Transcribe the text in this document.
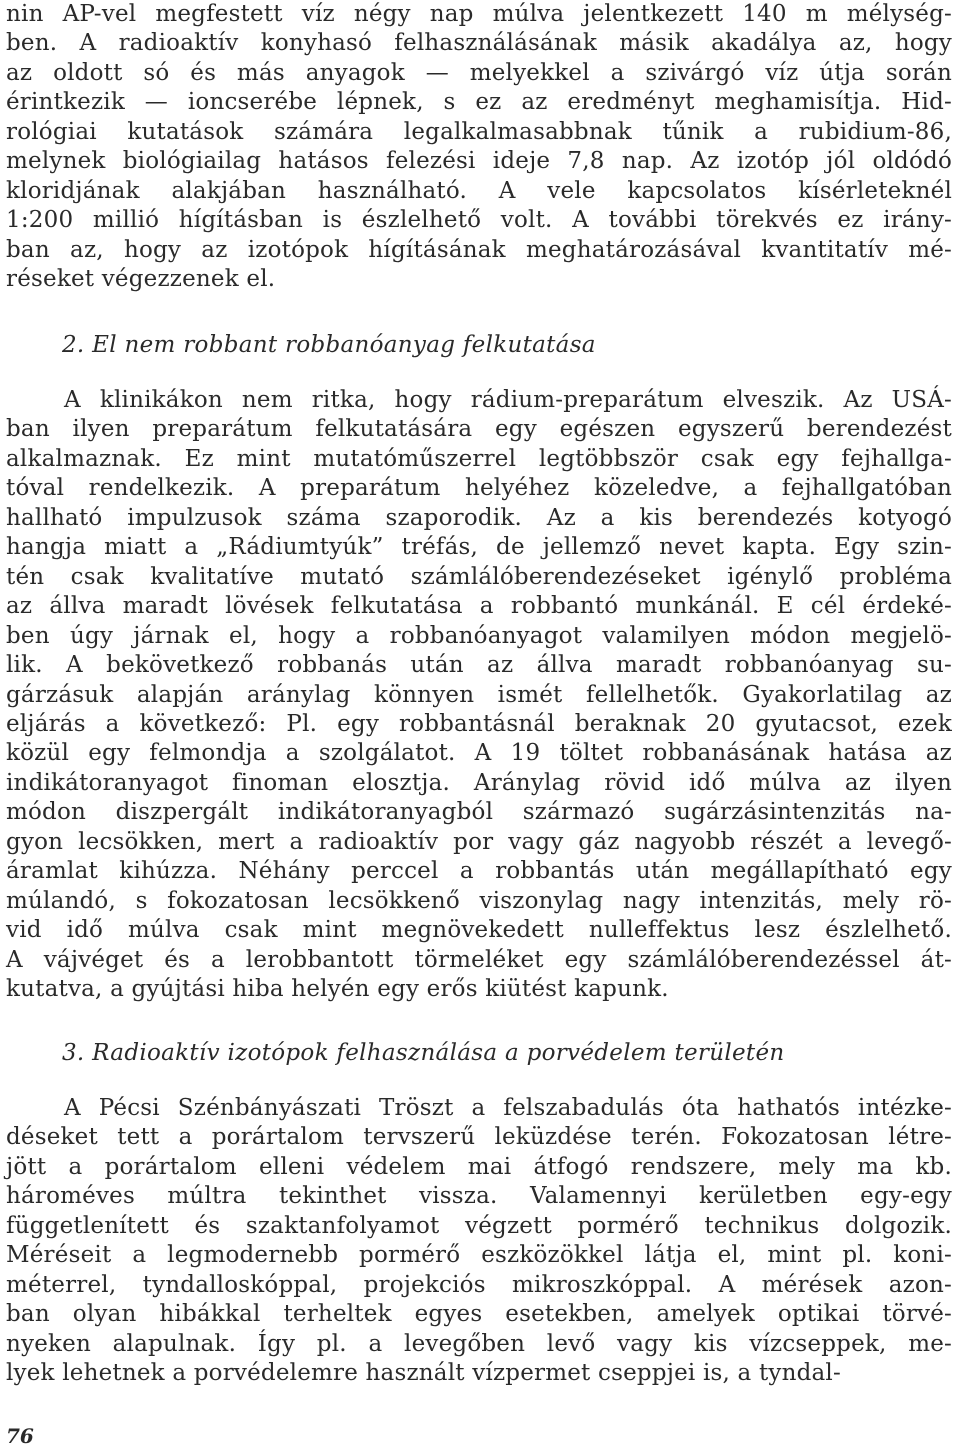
nin AP-vel megfestett víz négy nap múlva jelentkezett 140 m mélység-
ben. A radioaktív konyhasó felhasználásának másik akadálya az, hogy
az oldott só és más anyagok — melyekkel a szivárgó víz útja során
érintkezik — ioncserébe lépnek, s ez az eredményt meghamisítja. Hid-
rológiai kutatások számára legalkalmasabbnak tűnik a rubidium-86,
melynek biológiailag hatásos felezési ideje 7,8 nap. Az izotóp jól oldódó
kloridjának alakjában használható. A vele kapcsolatos kísérleteknél
1:200 millió hígításban is észlelhető volt. A további törekvés ez irány-
ban az, hogy az izotópok hígításának meghatározásával kvantitatív mé-
réseket végezzenek el.
2. El nem robbant robbanóanyag felkutatása
A klinikákon nem ritka, hogy rádium-preparátum elveszik. Az USÁ-
ban ilyen preparátum felkutatására egy egészen egyszerű berendezést
alkalmaznak. Ez mint mutatóműszerrel legtöbbször csak egy fejhallga-
tóval rendelkezik. A preparátum helyéhez közeledve, a fejhallgatóban
hallható impulzusok száma szaporodik. Az a kis berendezés kotyogó
hangja miatt a „Rádiumtyúk” tréfás, de jellemző nevet kapta. Egy szin-
tén csak kvalitatíve mutató számlálóberendezéseket igénylő probléma
az állva maradt lövések felkutatása a robbantó munkánál. E cél érdeké-
ben úgy járnak el, hogy a robbanóanyagot valamilyen módon megjelö-
lik. A bekövetkező robbanás után az állva maradt robbanóanyag su-
gárzásuk alapján aránylag könnyen ismét fellelhetők. Gyakorlatilag az
eljárás a következő: Pl. egy robbantásnál beraknak 20 gyutacsot, ezek
közül egy felmondja a szolgálatot. A 19 töltet robbanásának hatása az
indikátoranyagot finoman elosztja. Aránylag rövid idő múlva az ilyen
módon diszpergált indikátoranyagból származó sugárzásintenzitás na-
gyon lecsökken, mert a radioaktív por vagy gáz nagyobb részét a levegő-
áramlat kihúzza. Néhány perccel a robbantás után megállapítható egy
múlandó, s fokozatosan lecsökkenő viszonylag nagy intenzitás, mely rö-
vid idő múlva csak mint megnövekedett nulleffektus lesz észlelhető.
A vájvéget és a lerobbantott törmeléket egy számlálóberendezéssel át-
kutatva, a gyújtási hiba helyén egy erős kiütést kapunk.
3. Radioaktív izotópok felhasználása a porvédelem területén
A Pécsi Szénbányászati Tröszt a felszabadulás óta hathatós intézke-
déseket tett a porártalom tervszerű leküzdése terén. Fokozatosan létre-
jött a porártalom elleni védelem mai átfogó rendszere, mely ma kb.
hároméves múltra tekinthet vissza. Valamennyi kerületben egy-egy
függetlenített és szaktanfolyamot végzett pormérő technikus dolgozik.
Méréseit a legmodernebb pormérő eszközökkel látja el, mint pl. koni-
méterrel, tyndalloskóppal, projekciós mikroszkóppal. A mérések azon-
ban olyan hibákkal terheltek egyes esetekben, amelyek optikai törvé-
nyeken alapulnak. Így pl. a levegőben levő vagy kis vízcseppek, me-
lyek lehetnek a porvédelemre használt vízpermet cseppjei is, a tyndal-
76
